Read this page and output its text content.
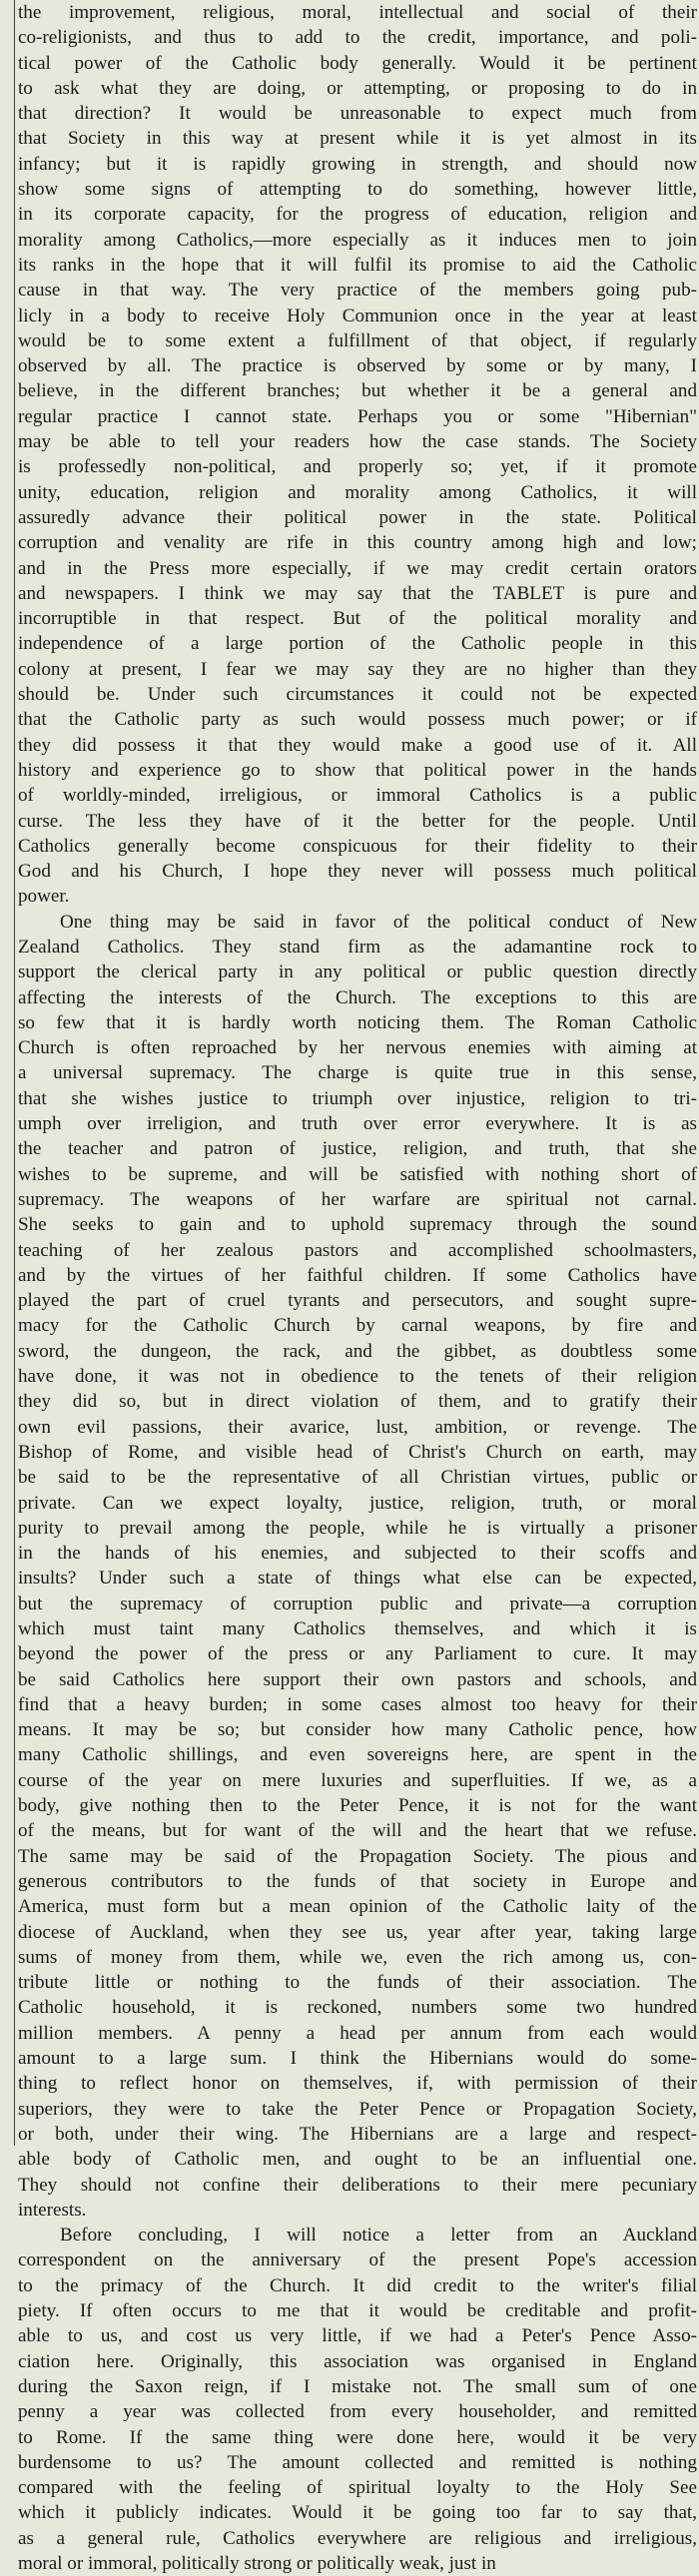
the improvement, religious, moral, intellectual and social of their
co-religionists, and thus to add to the credit, importance, and poli-
tical power of the Catholic body generally. Would it be pertinent
to ask what they are doing, or attempting, or proposing to do in
that direction? It would be unreasonable to expect much from
that Society in this way at present while it is yet almost in its
infancy; but it is rapidly growing in strength, and should now
show some signs of attempting to do something, however little,
in its corporate capacity, for the progress of education, religion and
morality among Catholics,—more especially as it induces men to join
its ranks in the hope that it will fulfil its promise to aid the Catholic
cause in that way. The very practice of the members going pub-
licly in a body to receive Holy Communion once in the year at least
would be to some extent a fulfillment of that object, if regularly
observed by all. The practice is observed by some or by many, I
believe, in the different branches; but whether it be a general and
regular practice I cannot state. Perhaps you or some "Hibernian"
may be able to tell your readers how the case stands. The Society
is professedly non-political, and properly so; yet, if it promote
unity, education, religion and morality among Catholics, it will
assuredly advance their political power in the state. Political
corruption and venality are rife in this country among high and low;
and in the Press more especially, if we may credit certain orators
and newspapers. I think we may say that the TABLET is pure and
incorruptible in that respect. But of the political morality and
independence of a large portion of the Catholic people in this
colony at present, I fear we may say they are no higher than they
should be. Under such circumstances it could not be expected
that the Catholic party as such would possess much power; or if
they did possess it that they would make a good use of it. All
history and experience go to show that political power in the hands
of worldly-minded, irreligious, or immoral Catholics is a public
curse. The less they have of it the better for the people. Until
Catholics generally become conspicuous for their fidelity to their
God and his Church, I hope they never will possess much political
power.
One thing may be said in favor of the political conduct of New
Zealand Catholics. They stand firm as the adamantine rock to
support the clerical party in any political or public question directly
affecting the interests of the Church. The exceptions to this are
so few that it is hardly worth noticing them. The Roman Catholic
Church is often reproached by her nervous enemies with aiming at
a universal supremacy. The charge is quite true in this sense,
that she wishes justice to triumph over injustice, religion to tri-
umph over irreligion, and truth over error everywhere. It is as
the teacher and patron of justice, religion, and truth, that she
wishes to be supreme, and will be satisfied with nothing short of
supremacy. The weapons of her warfare are spiritual not carnal.
She seeks to gain and to uphold supremacy through the sound
teaching of her zealous pastors and accomplished schoolmasters,
and by the virtues of her faithful children. If some Catholics have
played the part of cruel tyrants and persecutors, and sought supre-
macy for the Catholic Church by carnal weapons, by fire and
sword, the dungeon, the rack, and the gibbet, as doubtless some
have done, it was not in obedience to the tenets of their religion
they did so, but in direct violation of them, and to gratify their
own evil passions, their avarice, lust, ambition, or revenge. The
Bishop of Rome, and visible head of Christ's Church on earth, may
be said to be the representative of all Christian virtues, public or
private. Can we expect loyalty, justice, religion, truth, or moral
purity to prevail among the people, while he is virtually a prisoner
in the hands of his enemies, and subjected to their scoffs and
insults? Under such a state of things what else can be expected,
but the supremacy of corruption public and private—a corruption
which must taint many Catholics themselves, and which it is
beyond the power of the press or any Parliament to cure. It may
be said Catholics here support their own pastors and schools, and
find that a heavy burden; in some cases almost too heavy for their
means. It may be so; but consider how many Catholic pence, how
many Catholic shillings, and even sovereigns here, are spent in the
course of the year on mere luxuries and superfluities. If we, as a
body, give nothing then to the Peter Pence, it is not for the want
of the means, but for want of the will and the heart that we refuse.
The same may be said of the Propagation Society. The pious and
generous contributors to the funds of that society in Europe and
America, must form but a mean opinion of the Catholic laity of the
diocese of Auckland, when they see us, year after year, taking large
sums of money from them, while we, even the rich among us, con-
tribute little or nothing to the funds of their association. The
Catholic household, it is reckoned, numbers some two hundred
million members. A penny a head per annum from each would
amount to a large sum. I think the Hibernians would do some-
thing to reflect honor on themselves, if, with permission of their
superiors, they were to take the Peter Pence or Propagation Society,
or both, under their wing. The Hibernians are a large and respect-
able body of Catholic men, and ought to be an influential one.
They should not confine their deliberations to their mere pecuniary
interests.
Before concluding, I will notice a letter from an Auckland
correspondent on the anniversary of the present Pope's accession
to the primacy of the Church. It did credit to the writer's filial
piety. If often occurs to me that it would be creditable and profit-
able to us, and cost us very little, if we had a Peter's Pence Asso-
ciation here. Originally, this association was organised in England
during the Saxon reign, if I mistake not. The small sum of one
penny a year was collected from every householder, and remitted
to Rome. If the same thing were done here, would it be very
burdensome to us? The amount collected and remitted is nothing
compared with the feeling of spiritual loyalty to the Holy See
which it publicly indicates. Would it be going too far to say that,
as a general rule, Catholics everywhere are religious and irreligious,
moral or immoral, politically strong or politically weak, just in
